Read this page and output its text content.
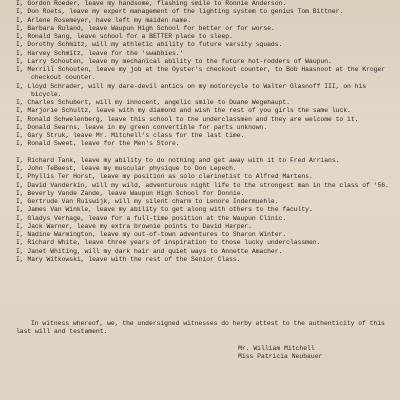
I, Gordon Roeder, leave my handsome, flashing smile to Ronnie Anderson.
I, Don Roets, leave my expert management of the lighting system to genius Tom Bittner.
I, Arlene Rosemeyer, have left my maiden name.
I, Barbara Ruland, leave Waupun High School for better or for worse.
I, Ronald Sang, leave school for a BETTER place to sleep.
I, Dorothy Schmitz, will my athletic ability to future varsity squads.
I, Harvey Schmitz, leave for the 'swabbies.'
I, Larry Schouten, leave my mechanical ability to the future hot-rodders of Waupun.
I, Merrill Schouten, leave my job at the Oyster's checkout counter, to Bob Haasnoot at the Kroger checkout counter.
I, Lloyd Schrader, will my dare-devil antics on my motorcycle to Walter Glasnoff III, on his bicycle.
I, Charles Schubert, will my innocent, angelic smile to Duane Wegehaupt.
I, Marjorie Schultz, leave with my diamond and wish the rest of you girls the same luck.
I, Ronald Schwelenberg, leave this school to the underclassmen and they are welcome to it.
I, Donald Searns, leave in my green convertible for parts unknown.
I, Gary Struk, leave Mr. Mitchell's class for the last time.
I, Ronald Sweet, leave for the Men's Store.
I, Richard Tank, leave my ability to do nothing and get away with it to Fred Arrians.
I, John TeBeest, leave my muscular physique to Don Lepech.
I, Phyllis Ter Horst, leave my position as solo clarinetist to Alfred Martens.
I, David Vanderkin, will my wild, adventurous night life to the strongest man in the class of '56.
I, Beverly Vande Zande, leave Waupun High School for Donnie.
I, Gertrude Van Ruiswijk, will my silent charm to Lenore Indermuehle.
I, James Van Winkle, leave my ability to get along with others to the faculty.
I, Gladys Verhage, leave for a full-time position at the Waupun Clinic.
I, Jack Warner, leave my extra brownie points to David Harper.
I, Nadine Warmington, leave my out-of-town adventures to Sharon Winter.
I, Richard White, leave three years of inspiration to those lucky underclassmen.
I, Janet Whiting, will my dark hair and quiet ways to Annette Amacher.
I, Mary Witkowski, leave with the rest of the Senior Class.

In witness whereof, we, the undersigned witnesses do herby attest to the authenticity of this last will and testament.

Mr. William Mitchell
Miss Patricia Neubauer
